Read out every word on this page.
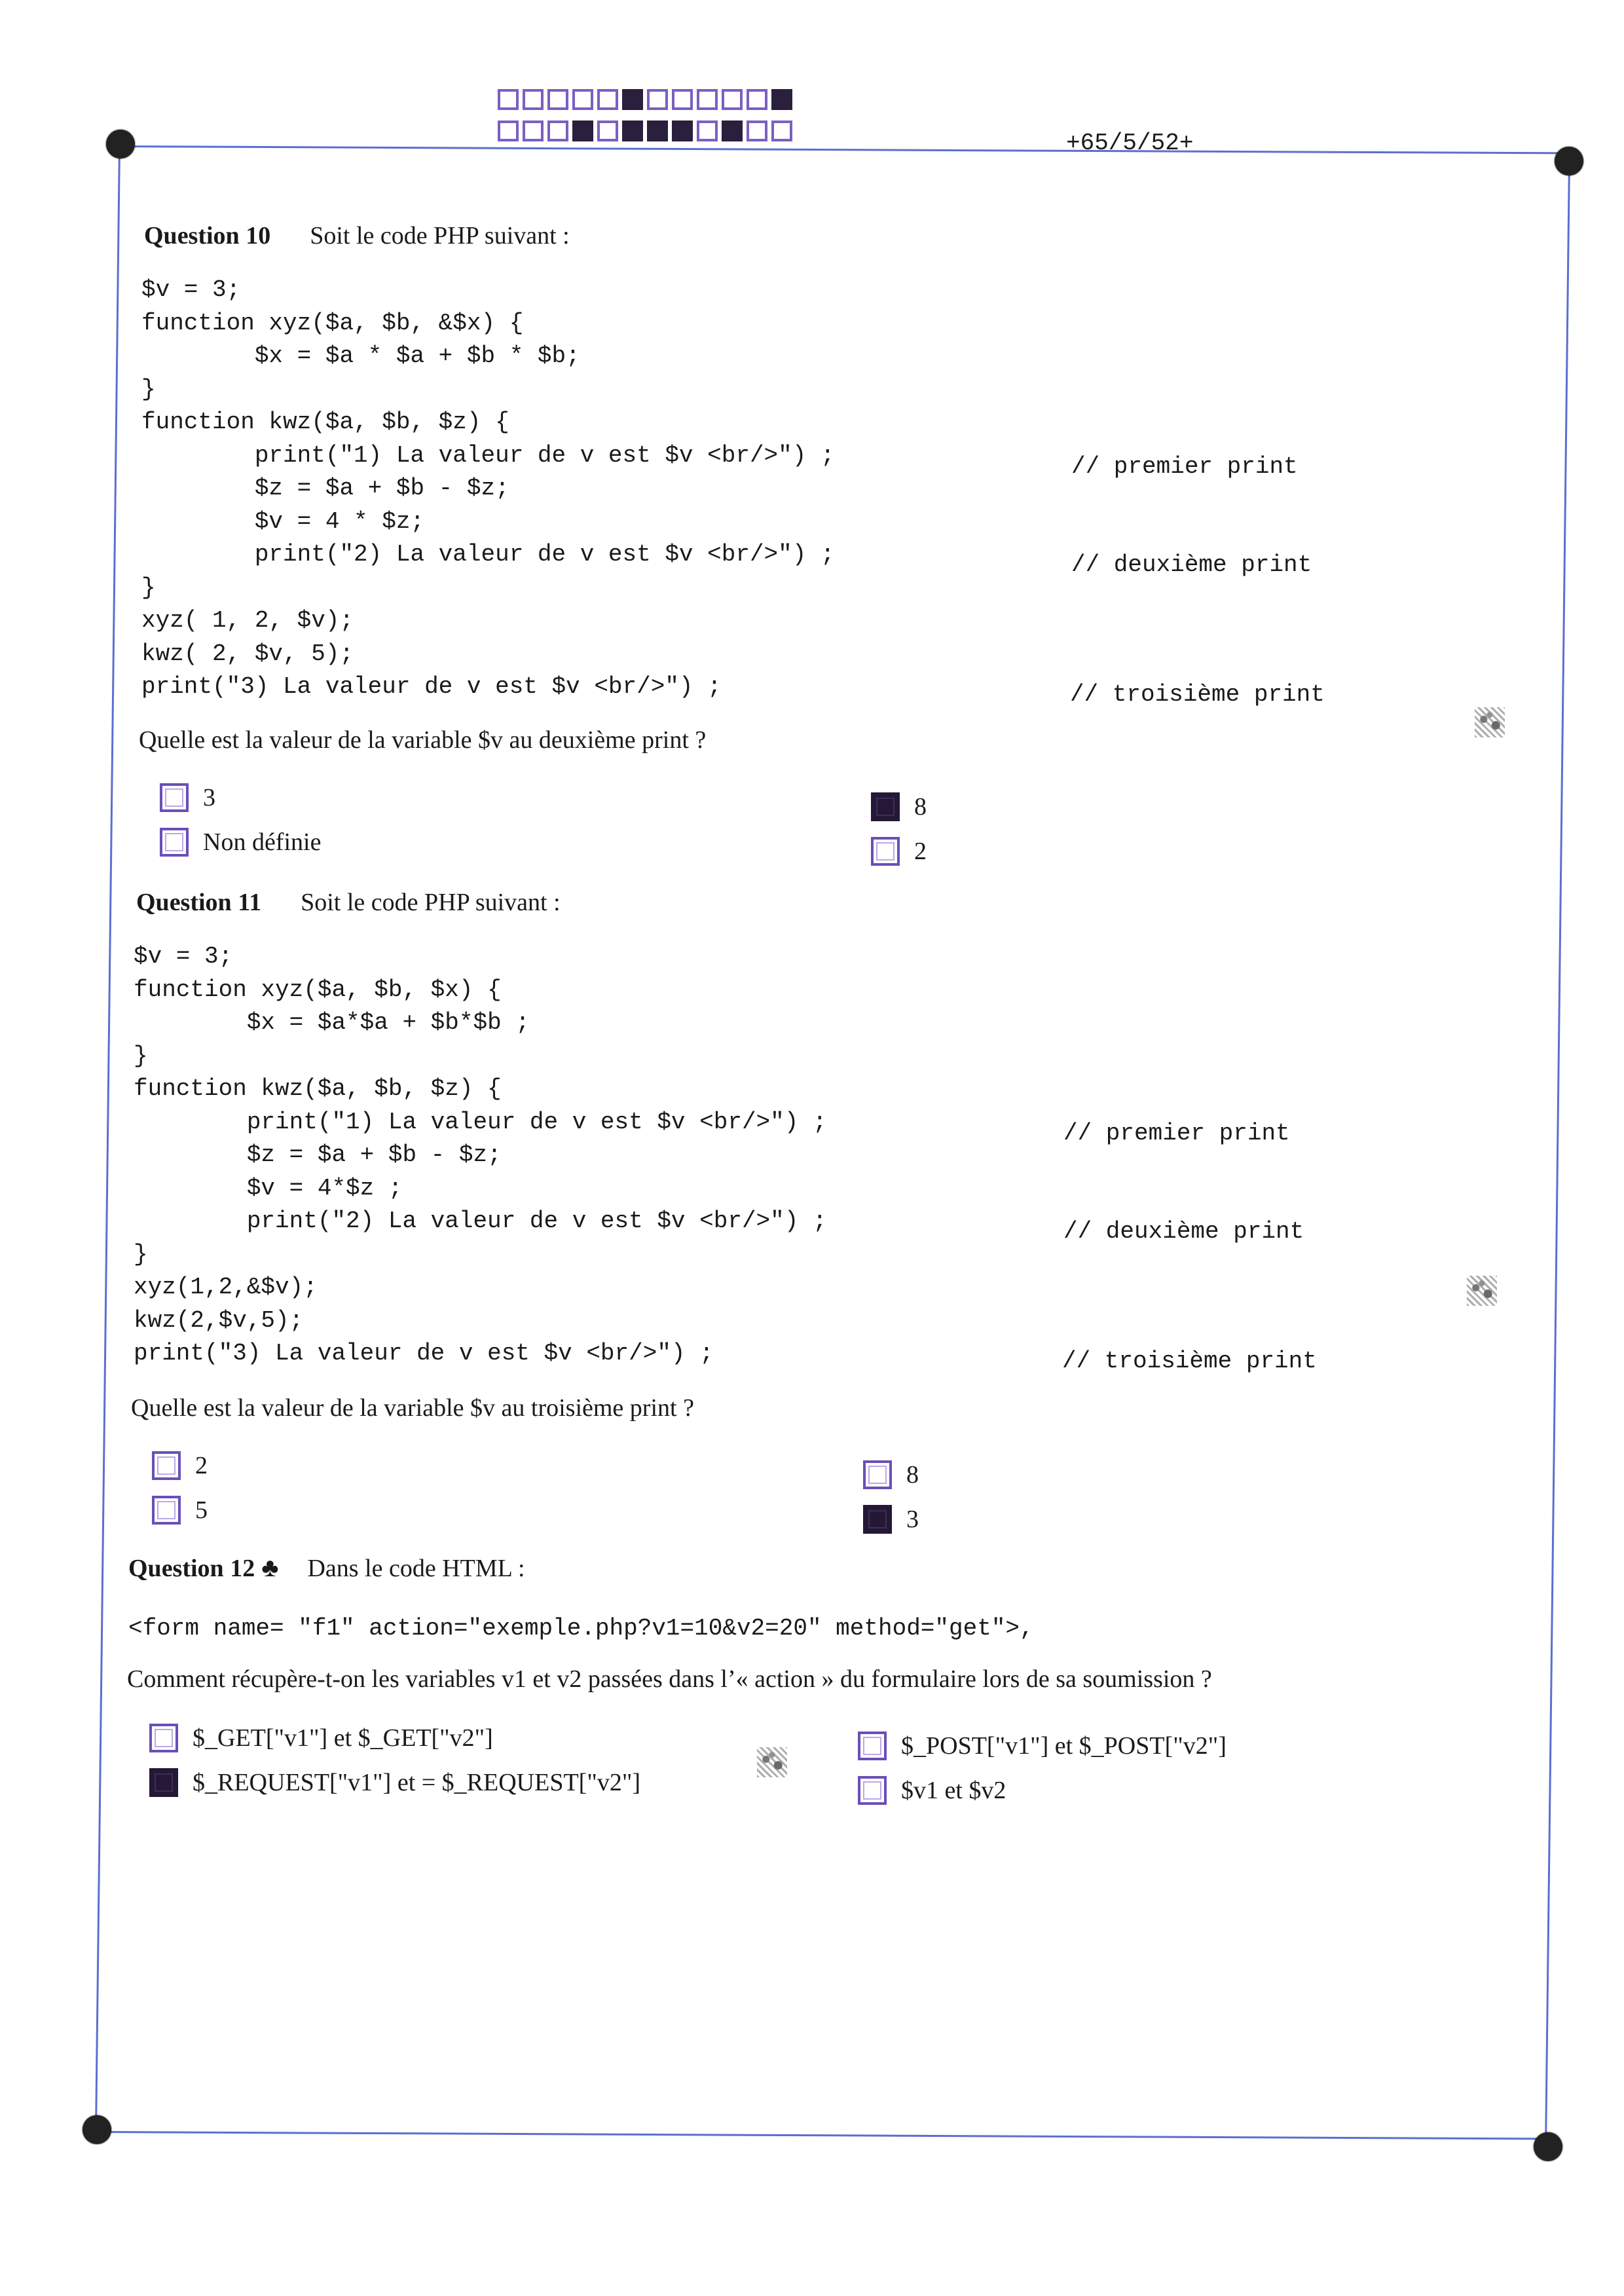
+65/5/52+
Question 10 Soit le code PHP suivant :
$v = 3;
function xyz($a, $b, &$x) {
$x = $a * $a + $b * $b;
}
function kwz($a, $b, $z) {
print("1) La valeur de v est $v <br/>") ;
$z = $a + $b - $z;
$v = 4 * $z;
print("2) La valeur de v est $v <br/>") ;
}
xyz( 1, 2, $v);
kwz( 2, $v, 5);
print("3) La valeur de v est $v <br/>") ;
// premier print
// deuxième print
// troisième print
Quelle est la valeur de la variable $v au deuxième print ?
3
Non définie
8
2
Question 11 Soit le code PHP suivant :
$v = 3;
function xyz($a, $b, $x) {
$x = $a*$a + $b*$b ;
}
function kwz($a, $b, $z) {
print("1) La valeur de v est $v <br/>") ;
$z = $a + $b - $z;
$v = 4*$z ;
print("2) La valeur de v est $v <br/>") ;
}
xyz(1,2,&$v);
kwz(2,$v,5);
print("3) La valeur de v est $v <br/>") ;
// premier print
// deuxième print
// troisième print
Quelle est la valeur de la variable $v au troisième print ?
2
5
8
3
Question 12 ♣ Dans le code HTML :
<form name= "f1" action="exemple.php?v1=10&v2=20" method="get">,
Comment récupère-t-on les variables v1 et v2 passées dans l’« action » du formulaire lors de sa soumission ?
$_GET["v1"] et $_GET["v2"]
$_REQUEST["v1"] et = $_REQUEST["v2"]
$_POST["v1"] et $_POST["v2"]
$v1 et $v2
